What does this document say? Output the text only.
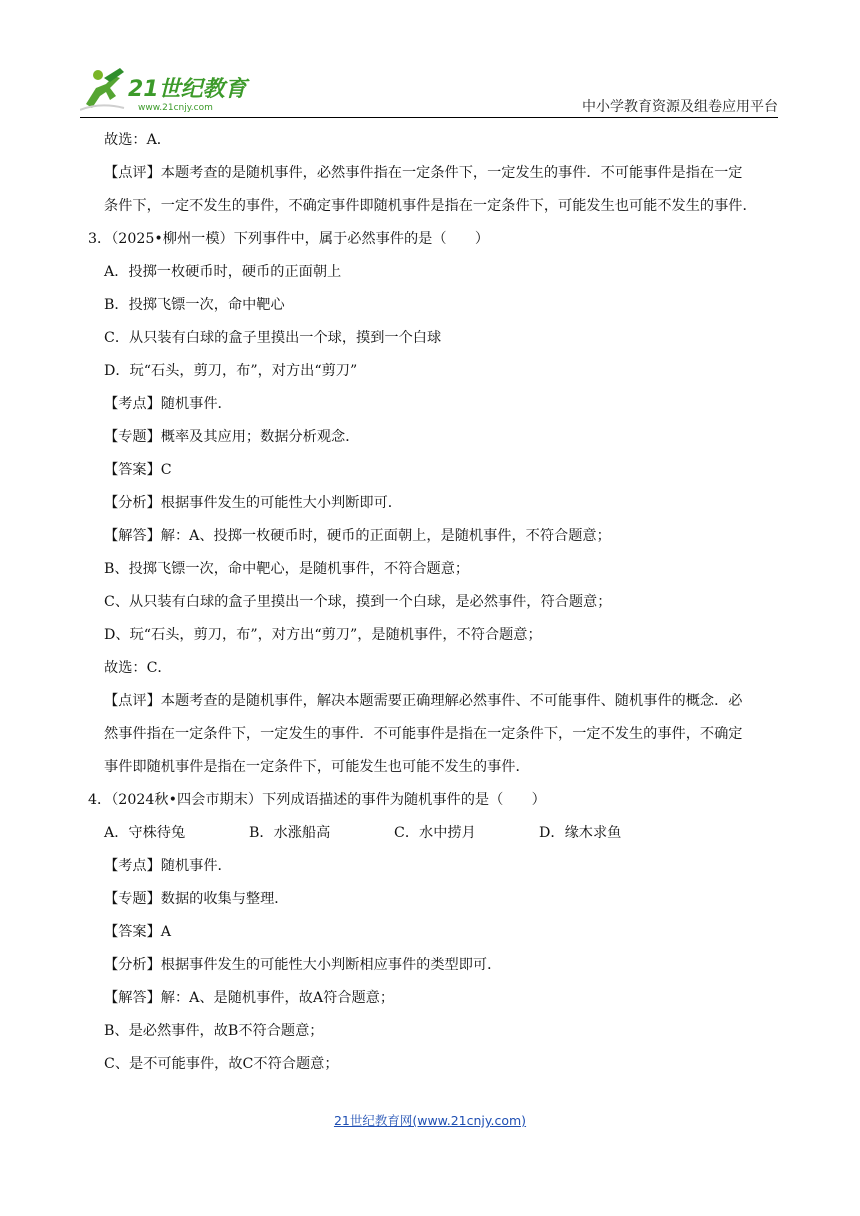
21世纪教育
www.21cnjy.com	中小学教育资源及组卷应用平台
故选：A．
【点评】本题考查的是随机事件，必然事件指在一定条件下，一定发生的事件．不可能事件是指在一定
条件下，一定不发生的事件，不确定事件即随机事件是指在一定条件下，可能发生也可能不发生的事件．
3．（2025•柳州一模）下列事件中，属于必然事件的是（　　）
A．投掷一枚硬币时，硬币的正面朝上
B．投掷飞镖一次，命中靶心
C．从只装有白球的盒子里摸出一个球，摸到一个白球
D．玩“石头，剪刀，布”，对方出“剪刀”
【考点】随机事件．
【专题】概率及其应用；数据分析观念．
【答案】C
【分析】根据事件发生的可能性大小判断即可．
【解答】解：A、投掷一枚硬币时，硬币的正面朝上，是随机事件，不符合题意；
B、投掷飞镖一次，命中靶心，是随机事件，不符合题意；
C、从只装有白球的盒子里摸出一个球，摸到一个白球，是必然事件，符合题意；
D、玩“石头，剪刀，布”，对方出“剪刀”，是随机事件，不符合题意；
故选：C．
【点评】本题考查的是随机事件，解决本题需要正确理解必然事件、不可能事件、随机事件的概念．必
然事件指在一定条件下，一定发生的事件．不可能事件是指在一定条件下，一定不发生的事件，不确定
事件即随机事件是指在一定条件下，可能发生也可能不发生的事件．
4．（2024秋•四会市期末）下列成语描述的事件为随机事件的是（　　）
A．守株待兔	B．水涨船高	C．水中捞月	D．缘木求鱼
【考点】随机事件．
【专题】数据的收集与整理．
【答案】A
【分析】根据事件发生的可能性大小判断相应事件的类型即可．
【解答】解：A、是随机事件，故A符合题意；
B、是必然事件，故B不符合题意；
C、是不可能事件，故C不符合题意；
21世纪教育网(www.21cnjy.com)
